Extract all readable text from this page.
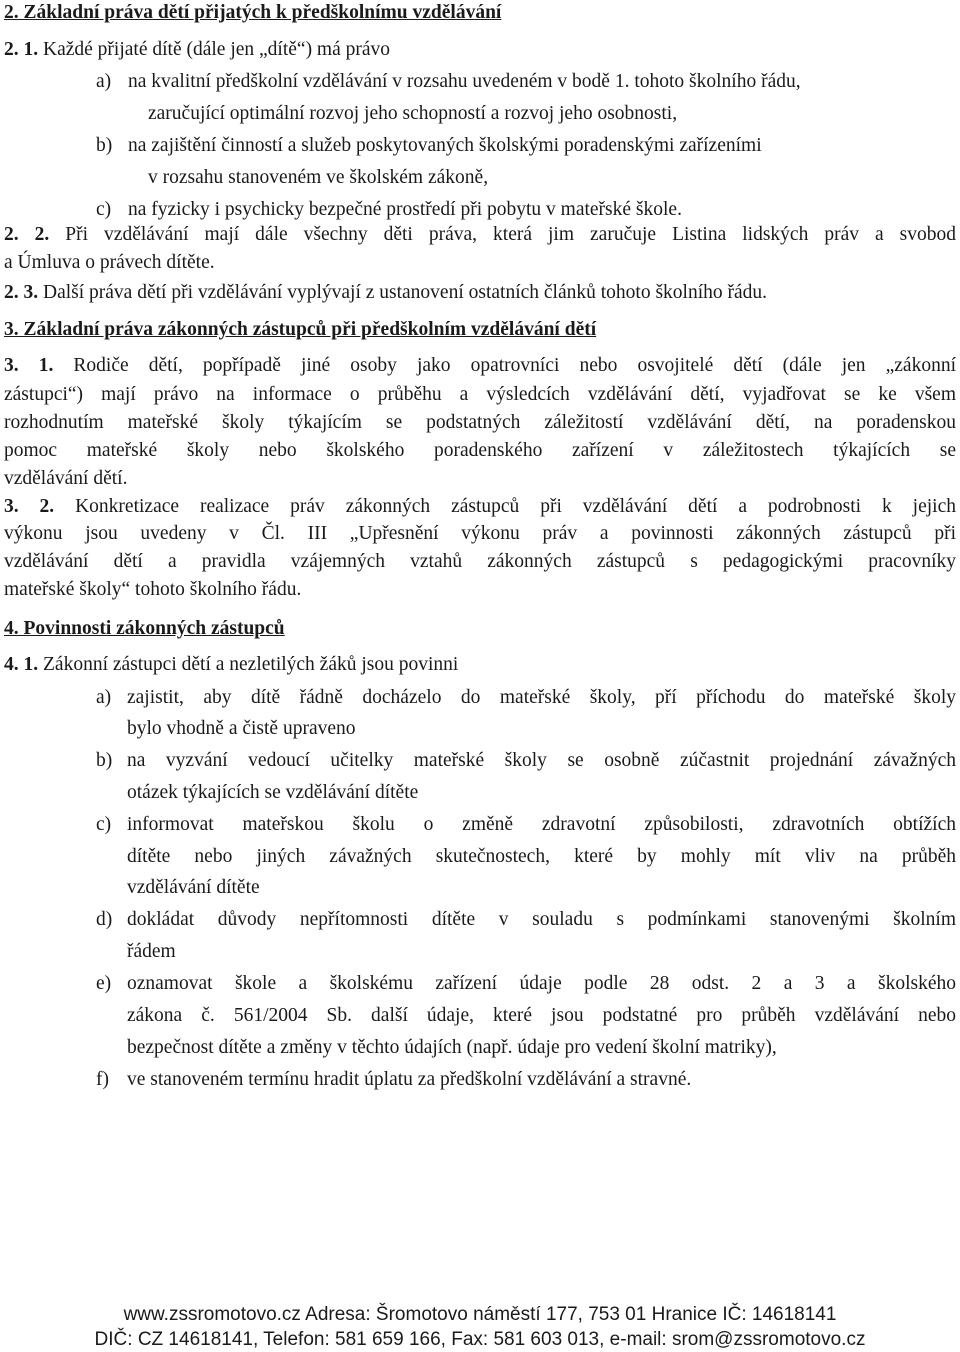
2. Základní práva dětí přijatých k předškolnímu vzdělávání
2. 1. Každé přijaté dítě (dále jen „dítě“) má právo
a) na kvalitní předškolní vzdělávání v rozsahu uvedeném v bodě 1. tohoto školního řádu,
zaručující optimální rozvoj jeho schopností a rozvoj jeho osobnosti,
b) na zajištění činností a služeb poskytovaných školskými poradenskými zařízeními
v rozsahu stanoveném ve školském zákoně,
c) na fyzicky i psychicky bezpečné prostředí při pobytu v mateřské škole.
2. 2. Při vzdělávání mají dále všechny děti práva, která jim zaručuje Listina lidských práv a svobod
a Úmluva o právech dítěte.
2. 3. Další práva dětí při vzdělávání vyplývají z ustanovení ostatních článků tohoto školního řádu.
3. Základní práva zákonných zástupců při předškolním vzdělávání dětí
3. 1. Rodiče dětí, popřípadě jiné osoby jako opatrovníci nebo osvojitelé dětí (dále jen „zákonní
zástupci“) mají právo na informace o průběhu a výsledcích vzdělávání dětí, vyjadřovat se ke všem
rozhodnutím mateřské školy týkajícím se podstatných záležitostí vzdělávání dětí, na poradenskou
pomoc mateřské školy nebo školského poradenského zařízení v záležitostech týkajících se
vzdělávání dětí.
3. 2. Konkretizace realizace práv zákonných zástupců při vzdělávání dětí a podrobnosti k jejich
výkonu jsou uvedeny v Čl. III „Upřesnění výkonu práv a povinnosti zákonných zástupců při
vzdělávání dětí a pravidla vzájemných vztahů zákonných zástupců s pedagogickými pracovníky
mateřské školy“ tohoto školního řádu.
4. Povinnosti zákonných zástupců
4. 1. Zákonní zástupci dětí a nezletilých žáků jsou povinni
a) zajistit, aby dítě řádně docházelo do mateřské školy, pří příchodu do mateřské školy
bylo vhodně a čistě upraveno
b) na vyzvání vedoucí učitelky mateřské školy se osobně zúčastnit projednání závažných
otázek týkajících se vzdělávání dítěte
c) informovat mateřskou školu o změně zdravotní způsobilosti, zdravotních obtížích
dítěte nebo jiných závažných skutečnostech, které by mohly mít vliv na průběh
vzdělávání dítěte
d) dokládat důvody nepřítomnosti dítěte v souladu s podmínkami stanovenými školním
řádem
e) oznamovat škole a školskému zařízení údaje podle 28 odst. 2 a 3 a školského
zákona č. 561/2004 Sb. další údaje, které jsou podstatné pro průběh vzdělávání nebo
bezpečnost dítěte a změny v těchto údajích (např. údaje pro vedení školní matriky),
f) ve stanoveném termínu hradit úplatu za předškolní vzdělávání a stravné.
www.zssromotovo.cz Adresa: Šromotovo náměstí 177, 753 01 Hranice IČ: 14618141
DIČ: CZ 14618141, Telefon: 581 659 166, Fax: 581 603 013, e-mail: srom@zssromotovo.cz
